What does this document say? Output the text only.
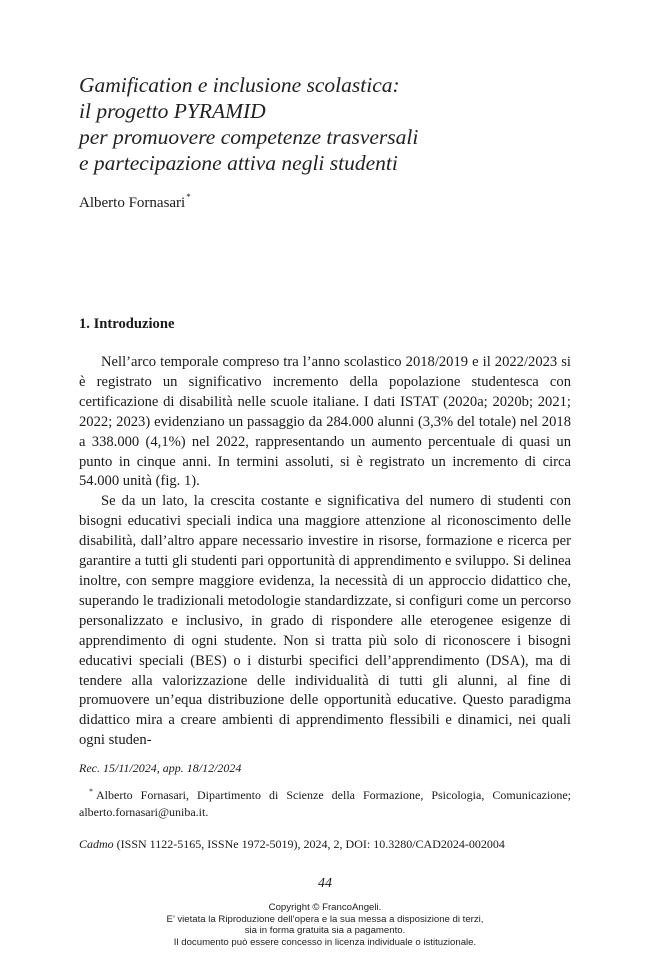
Gamification e inclusione scolastica:
il progetto PYRAMID
per promuovere competenze trasversali
e partecipazione attiva negli studenti
Alberto Fornasari*
1. Introduzione

Nell’arco temporale compreso tra l’anno scolastico 2018/2019 e il 2022/2023 si è registrato un significativo incremento della popolazione studentesca con certificazione di disabilità nelle scuole italiane. I dati ISTAT (2020a; 2020b; 2021; 2022; 2023) evidenziano un passaggio da 284.000 alunni (3,3% del totale) nel 2018 a 338.000 (4,1%) nel 2022, rappresentando un aumento percentuale di quasi un punto in cinque anni. In termini assoluti, si è registrato un incremento di circa 54.000 unità (fig. 1).

Se da un lato, la crescita costante e significativa del numero di studenti con bisogni educativi speciali indica una maggiore attenzione al riconoscimento delle disabilità, dall’altro appare necessario investire in risorse, formazione e ricerca per garantire a tutti gli studenti pari opportunità di apprendimento e sviluppo. Si delinea inoltre, con sempre maggiore evidenza, la necessità di un approccio didattico che, superando le tradizionali metodologie standardizzate, si configuri come un percorso personalizzato e inclusivo, in grado di rispondere alle eterogenee esigenze di apprendimento di ogni studente. Non si tratta più solo di riconoscere i bisogni educativi speciali (BES) o i disturbi specifici dell’apprendimento (DSA), ma di tendere alla valorizzazione delle individualità di tutti gli alunni, al fine di promuovere un’equa distribuzione delle opportunità educative. Questo paradigma didattico mira a creare ambienti di apprendimento flessibili e dinamici, nei quali ogni studen-

Rec. 15/11/2024, app. 18/12/2024
* Alberto Fornasari, Dipartimento di Scienze della Formazione, Psicologia, Comunicazione; alberto.fornasari@uniba.it.
Cadmo (ISSN 1122-5165, ISSNe 1972-5019), 2024, 2, DOI: 10.3280/CAD2024-002004
44
Copyright © FrancoAngeli.
E’ vietata la Riproduzione dell’opera e la sua messa a disposizione di terzi,
sia in forma gratuita sia a pagamento.
Il documento può essere concesso in licenza individuale o istituzionale.
